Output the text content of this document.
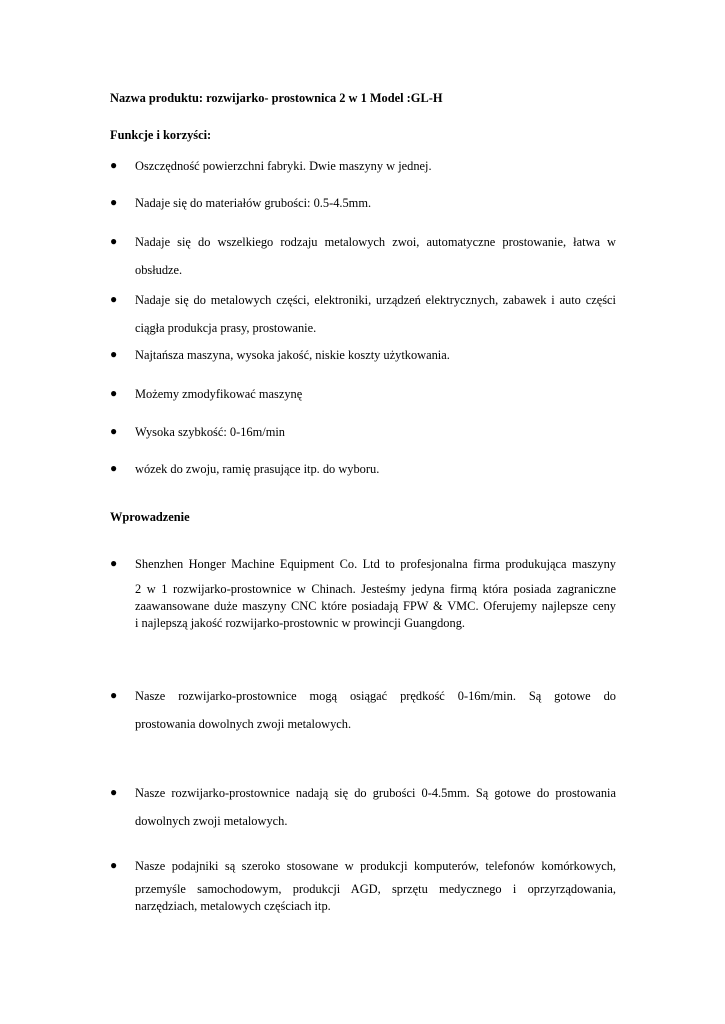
Nazwa produktu: rozwijarko- prostownica 2 w 1 Model :GL-H
Funkcje i korzyści:
● Oszczędność powierzchni fabryki. Dwie maszyny w jednej.

● Nadaje się do materiałów grubości: 0.5-4.5mm.

● Nadaje się do wszelkiego rodzaju metalowych zwoi, automatyczne prostowanie, łatwa w

obsłudze.

● Nadaje się do metalowych części, elektroniki, urządzeń elektrycznych, zabawek i auto części

ciągła produkcja prasy, prostowanie.

● Najtańsza maszyna, wysoka jakość, niskie koszty użytkowania.

● Możemy zmodyfikować maszynę

● Wysoka szybkość: 0-16m/min

● wózek do zwoju, ramię prasujące itp. do wyboru.

Wprowadzenie
● Shenzhen Honger Machine Equipment Co. Ltd to profesjonalna firma produkująca maszyny

2 w 1 rozwijarko-prostownice w Chinach. Jesteśmy jedyna firmą która posiada zagraniczne

zaawansowane duże maszyny CNC które posiadają FPW & VMC. Oferujemy najlepsze ceny

i najlepszą jakość rozwijarko-prostownic w prowincji Guangdong.

● Nasze rozwijarko-prostownice mogą osiągać prędkość 0-16m/min. Są gotowe do

prostowania dowolnych zwoji metalowych.

● Nasze rozwijarko-prostownice nadają się do grubości 0-4.5mm. Są gotowe do prostowania

dowolnych zwoji metalowych.

● Nasze podajniki są szeroko stosowane w produkcji komputerów, telefonów komórkowych,

przemyśle samochodowym, produkcji AGD, sprzętu medycznego i oprzyrządowania,

narzędziach, metalowych częściach itp.
